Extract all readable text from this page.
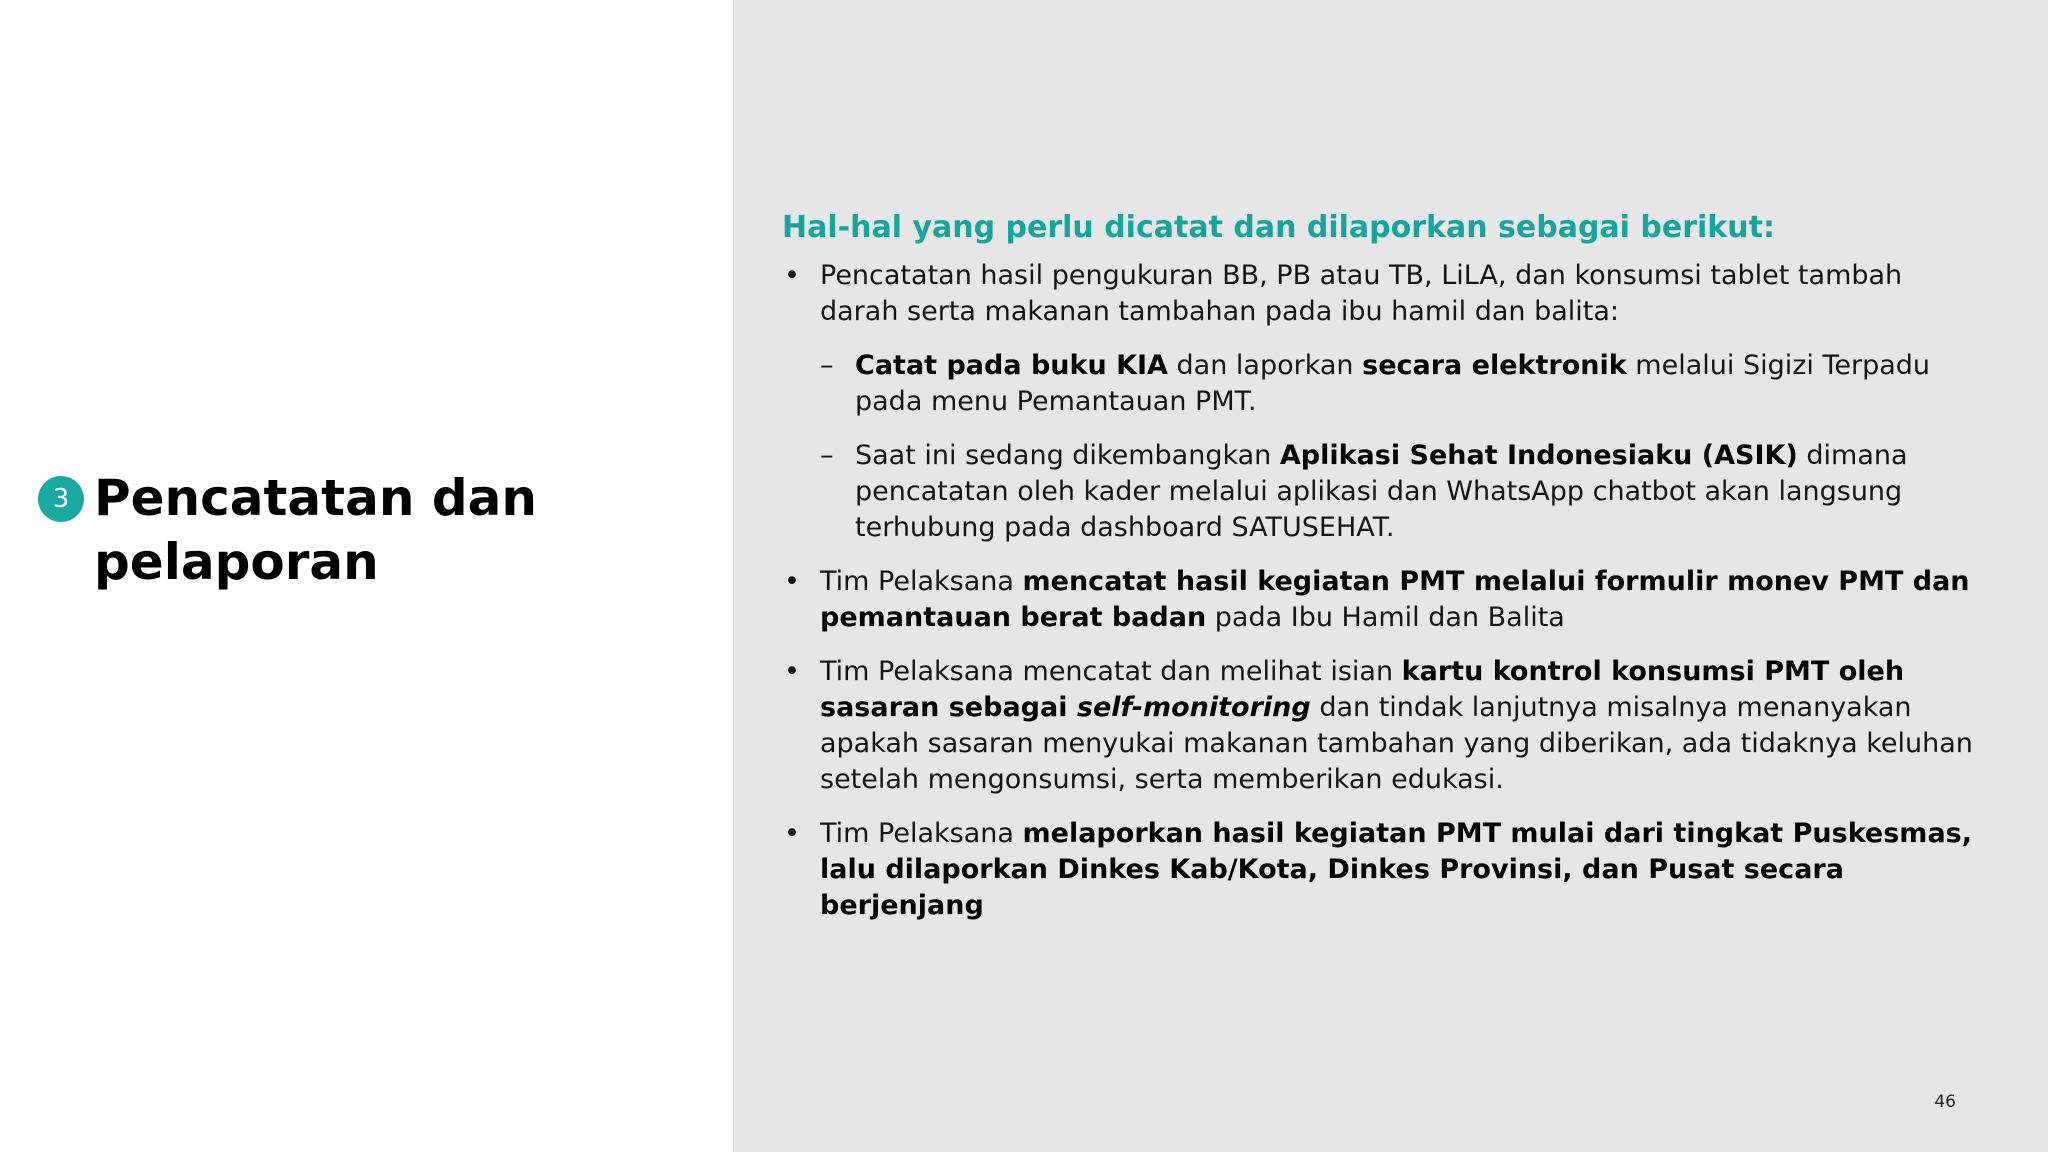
3 Pencatatan dan
pelaporan
Hal-hal yang perlu dicatat dan dilaporkan sebagai berikut:
• Pencatatan hasil pengukuran BB, PB atau TB, LiLA, dan konsumsi tablet tambah darah serta makanan tambahan pada ibu hamil dan balita:
– Catat pada buku KIA dan laporkan secara elektronik melalui Sigizi Terpadu pada menu Pemantauan PMT.
– Saat ini sedang dikembangkan Aplikasi Sehat Indonesiaku (ASIK) dimana pencatatan oleh kader melalui aplikasi dan WhatsApp chatbot akan langsung terhubung pada dashboard SATUSEHAT.
• Tim Pelaksana mencatat hasil kegiatan PMT melalui formulir monev PMT dan pemantauan berat badan pada Ibu Hamil dan Balita
• Tim Pelaksana mencatat dan melihat isian kartu kontrol konsumsi PMT oleh sasaran sebagai self-monitoring dan tindak lanjutnya misalnya menanyakan apakah sasaran menyukai makanan tambahan yang diberikan, ada tidaknya keluhan setelah mengonsumsi, serta memberikan edukasi.
• Tim Pelaksana melaporkan hasil kegiatan PMT mulai dari tingkat Puskesmas, lalu dilaporkan Dinkes Kab/Kota, Dinkes Provinsi, dan Pusat secara berjenjang
46
